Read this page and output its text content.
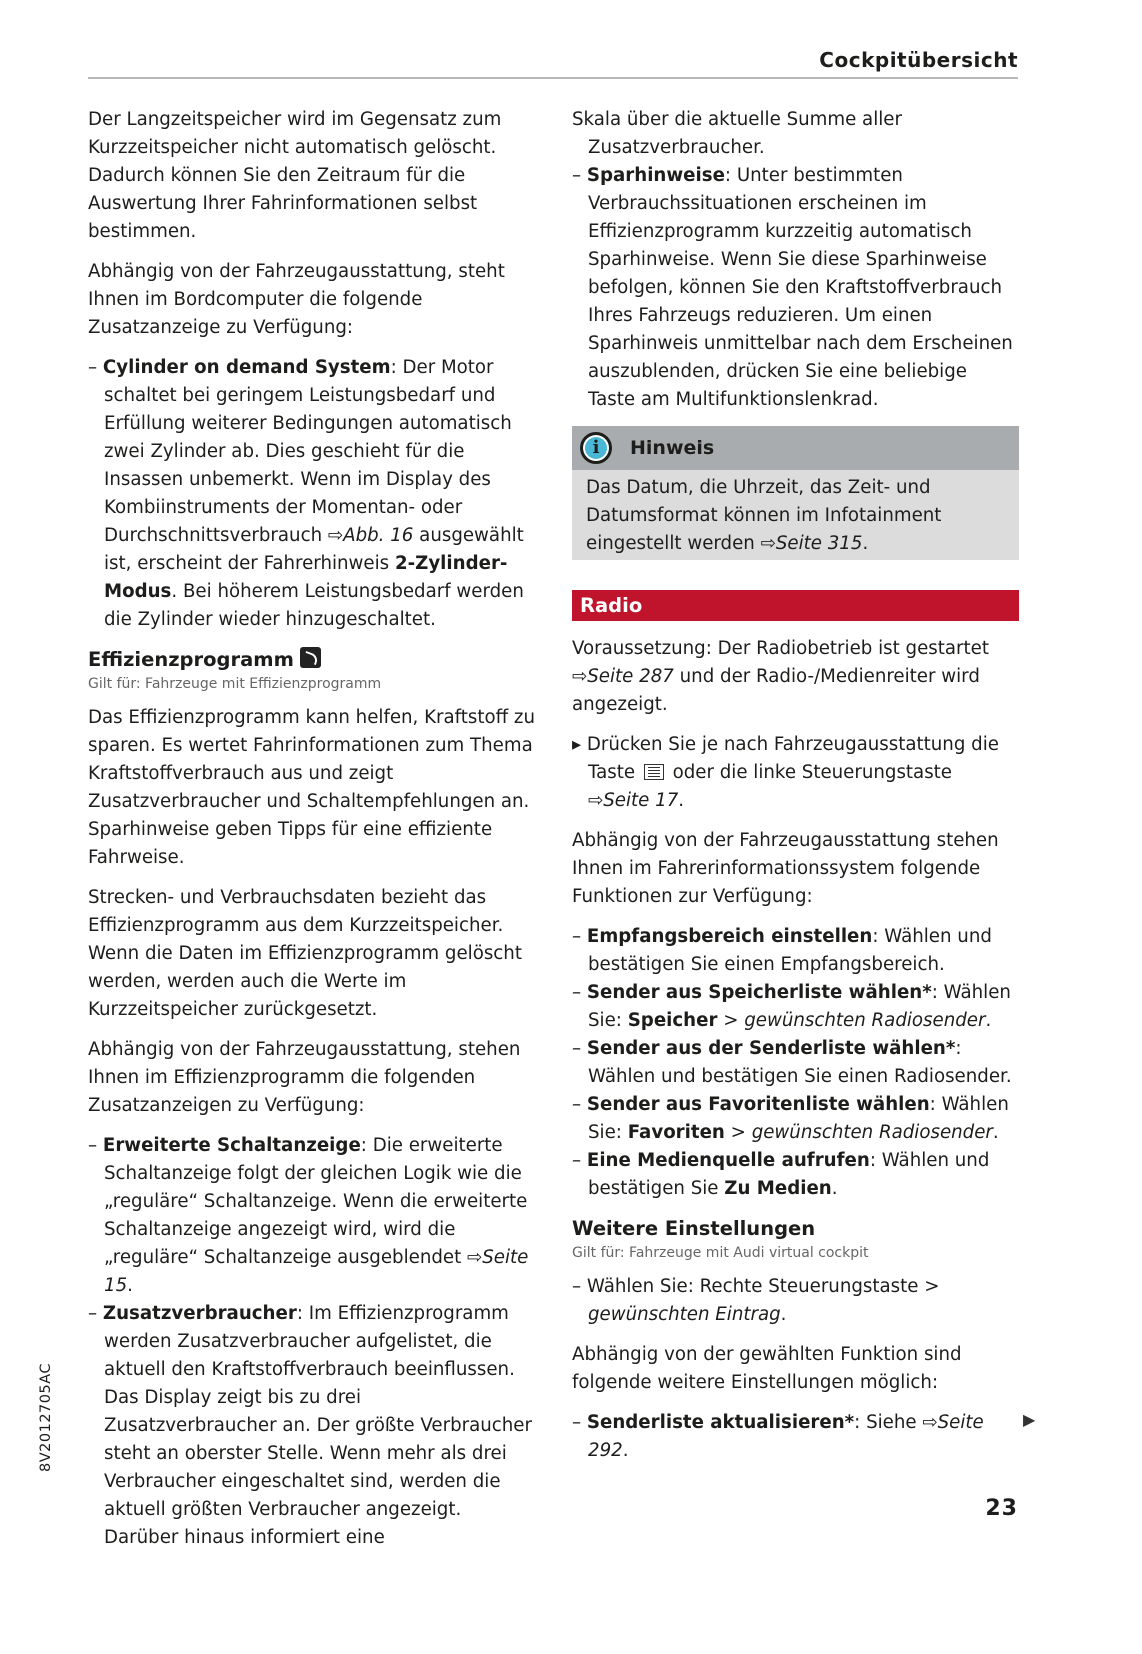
Cockpitübersicht
Der Langzeitspeicher wird im Gegensatz zum Kurzzeitspeicher nicht automatisch gelöscht. Dadurch können Sie den Zeitraum für die Auswertung Ihrer Fahrinformationen selbst bestimmen.
Abhängig von der Fahrzeugausstattung, steht Ihnen im Bordcomputer die folgende Zusatzanzeige zu Verfügung:
– Cylinder on demand System: Der Motor schaltet bei geringem Leistungsbedarf und Erfüllung weiterer Bedingungen automatisch zwei Zylinder ab. Dies geschieht für die Insassen unbemerkt. Wenn im Display des Kombiinstruments der Momentan- oder Durchschnittsverbrauch ⇨Abb. 16 ausgewählt ist, erscheint der Fahrerhinweis 2-Zylinder-Modus. Bei höherem Leistungsbedarf werden die Zylinder wieder hinzugeschaltet.
Effizienzprogramm
Gilt für: Fahrzeuge mit Effizienzprogramm
Das Effizienzprogramm kann helfen, Kraftstoff zu sparen. Es wertet Fahrinformationen zum Thema Kraftstoffverbrauch aus und zeigt Zusatzverbraucher und Schaltempfehlungen an. Sparhinweise geben Tipps für eine effiziente Fahrweise.
Strecken- und Verbrauchsdaten bezieht das Effizienzprogramm aus dem Kurzzeitspeicher. Wenn die Daten im Effizienzprogramm gelöscht werden, werden auch die Werte im Kurzzeitspeicher zurückgesetzt.
Abhängig von der Fahrzeugausstattung, stehen Ihnen im Effizienzprogramm die folgenden Zusatzanzeigen zu Verfügung:
– Erweiterte Schaltanzeige: Die erweiterte Schaltanzeige folgt der gleichen Logik wie die „reguläre“ Schaltanzeige. Wenn die erweiterte Schaltanzeige angezeigt wird, wird die „reguläre“ Schaltanzeige ausgeblendet ⇨Seite 15.
– Zusatzverbraucher: Im Effizienzprogramm werden Zusatzverbraucher aufgelistet, die aktuell den Kraftstoffverbrauch beeinflussen. Das Display zeigt bis zu drei Zusatzverbraucher an. Der größte Verbraucher steht an oberster Stelle. Wenn mehr als drei Verbraucher eingeschaltet sind, werden die aktuell größten Verbraucher angezeigt. Darüber hinaus informiert eine
Skala über die aktuelle Summe aller Zusatzverbraucher.
– Sparhinweise: Unter bestimmten Verbrauchssituationen erscheinen im Effizienzprogramm kurzzeitig automatisch Sparhinweise. Wenn Sie diese Sparhinweise befolgen, können Sie den Kraftstoffverbrauch Ihres Fahrzeugs reduzieren. Um einen Sparhinweis unmittelbar nach dem Erscheinen auszublenden, drücken Sie eine beliebige Taste am Multifunktionslenkrad.
i	Hinweis
Das Datum, die Uhrzeit, das Zeit- und Datumsformat können im Infotainment eingestellt werden ⇨Seite 315.
Radio
Voraussetzung: Der Radiobetrieb ist gestartet ⇨Seite 287 und der Radio-/Medienreiter wird angezeigt.
▸ Drücken Sie je nach Fahrzeugausstattung die Taste  oder die linke Steuerungstaste ⇨Seite 17.
Abhängig von der Fahrzeugausstattung stehen Ihnen im Fahrerinformationssystem folgende Funktionen zur Verfügung:
– Empfangsbereich einstellen: Wählen und bestätigen Sie einen Empfangsbereich.
– Sender aus Speicherliste wählen*: Wählen Sie: Speicher > gewünschten Radiosender.
– Sender aus der Senderliste wählen*: Wählen und bestätigen Sie einen Radiosender.
– Sender aus Favoritenliste wählen: Wählen Sie: Favoriten > gewünschten Radiosender.
– Eine Medienquelle aufrufen: Wählen und bestätigen Sie Zu Medien.
Weitere Einstellungen
Gilt für: Fahrzeuge mit Audi virtual cockpit
– Wählen Sie: Rechte Steuerungstaste > gewünschten Eintrag.
Abhängig von der gewählten Funktion sind folgende weitere Einstellungen möglich:
– Senderliste aktualisieren*: Siehe ⇨Seite 292.
8V2012705AC
23
▶
